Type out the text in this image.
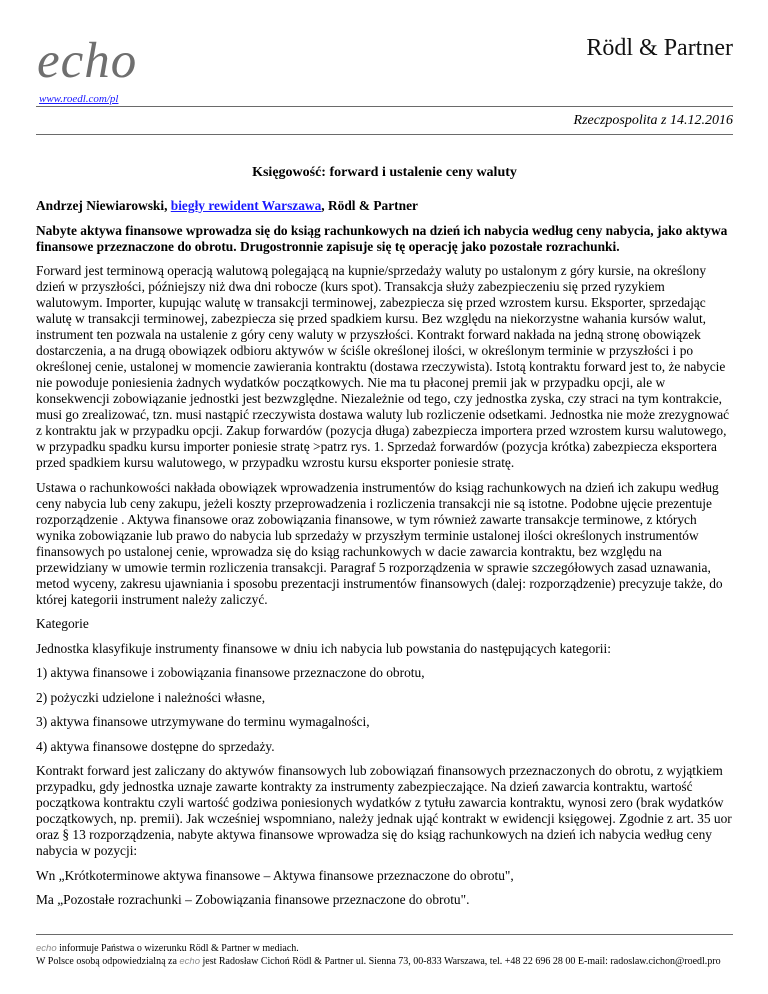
echo
www.roedl.com/pl
Rödl & Partner
Rzeczpospolita z 14.12.2016
Księgowość: forward i ustalenie ceny waluty
Andrzej Niewiarowski, biegły rewident Warszawa, Rödl & Partner
Nabyte aktywa finansowe wprowadza się do ksiąg rachunkowych na dzień ich nabycia według ceny nabycia, jako aktywa finansowe przeznaczone do obrotu. Drugostronnie zapisuje się tę operację jako pozostałe rozrachunki.
Forward jest terminową operacją walutową polegającą na kupnie/sprzedaży waluty po ustalonym z góry kursie, na określony dzień w przyszłości, późniejszy niż dwa dni robocze (kurs spot). Transakcja służy zabezpieczeniu się przed ryzykiem walutowym. Importer, kupując walutę w transakcji terminowej, zabezpiecza się przed wzrostem kursu. Eksporter, sprzedając walutę w transakcji terminowej, zabezpiecza się przed spadkiem kursu. Bez względu na niekorzystne wahania kursów walut, instrument ten pozwala na ustalenie z góry ceny waluty w przyszłości. Kontrakt forward nakłada na jedną stronę obowiązek dostarczenia, a na drugą obowiązek odbioru aktywów w ściśle określonej ilości, w określonym terminie w przyszłości i po określonej cenie, ustalonej w momencie zawierania kontraktu (dostawa rzeczywista). Istotą kontraktu forward jest to, że nabycie nie powoduje poniesienia żadnych wydatków początkowych. Nie ma tu płaconej premii jak w przypadku opcji, ale w konsekwencji zobowiązanie jednostki jest bezwzględne. Niezależnie od tego, czy jednostka zyska, czy straci na tym kontrakcie, musi go zrealizować, tzn. musi nastąpić rzeczywista dostawa waluty lub rozliczenie odsetkami. Jednostka nie może zrezygnować z kontraktu jak w przypadku opcji. Zakup forwardów (pozycja długa) zabezpiecza importera przed wzrostem kursu walutowego, w przypadku spadku kursu importer poniesie stratę >patrz rys. 1. Sprzedaż forwardów (pozycja krótka) zabezpiecza eksportera przed spadkiem kursu walutowego, w przypadku wzrostu kursu eksporter poniesie stratę.
Ustawa o rachunkowości nakłada obowiązek wprowadzenia instrumentów do ksiąg rachunkowych na dzień ich zakupu według ceny nabycia lub ceny zakupu, jeżeli koszty przeprowadzenia i rozliczenia transakcji nie są istotne. Podobne ujęcie prezentuje rozporządzenie . Aktywa finansowe oraz zobowiązania finansowe, w tym również zawarte transakcje terminowe, z których wynika zobowiązanie lub prawo do nabycia lub sprzedaży w przyszłym terminie ustalonej ilości określonych instrumentów finansowych po ustalonej cenie, wprowadza się do ksiąg rachunkowych w dacie zawarcia kontraktu, bez względu na przewidziany w umowie termin rozliczenia transakcji. Paragraf 5 rozporządzenia w sprawie szczegółowych zasad uznawania, metod wyceny, zakresu ujawniania i sposobu prezentacji instrumentów finansowych (dalej: rozporządzenie) precyzuje także, do której kategorii instrument należy zaliczyć.
Kategorie
Jednostka klasyfikuje instrumenty finansowe w dniu ich nabycia lub powstania do następujących kategorii:
1) aktywa finansowe i zobowiązania finansowe przeznaczone do obrotu,
2) pożyczki udzielone i należności własne,
3) aktywa finansowe utrzymywane do terminu wymagalności,
4) aktywa finansowe dostępne do sprzedaży.
Kontrakt forward jest zaliczany do aktywów finansowych lub zobowiązań finansowych przeznaczonych do obrotu, z wyjątkiem przypadku, gdy jednostka uznaje zawarte kontrakty za instrumenty zabezpieczające. Na dzień zawarcia kontraktu, wartość początkowa kontraktu czyli wartość godziwa poniesionych wydatków z tytułu zawarcia kontraktu, wynosi zero (brak wydatków początkowych, np. premii). Jak wcześniej wspomniano, należy jednak ująć kontrakt w ewidencji księgowej. Zgodnie z art. 35 uor oraz § 13 rozporządzenia, nabyte aktywa finansowe wprowadza się do ksiąg rachunkowych na dzień ich nabycia według ceny nabycia w pozycji:
Wn „Krótkoterminowe aktywa finansowe – Aktywa finansowe przeznaczone do obrotu",
Ma „Pozostałe rozrachunki – Zobowiązania finansowe przeznaczone do obrotu".
echo informuje Państwa o wizerunku Rödl & Partner w mediach.
W Polsce osobą odpowiedzialną za echo jest Radosław Cichoń Rödl & Partner ul. Sienna 73, 00-833 Warszawa, tel. +48 22 696 28 00 E-mail: radoslaw.cichon@roedl.pro
